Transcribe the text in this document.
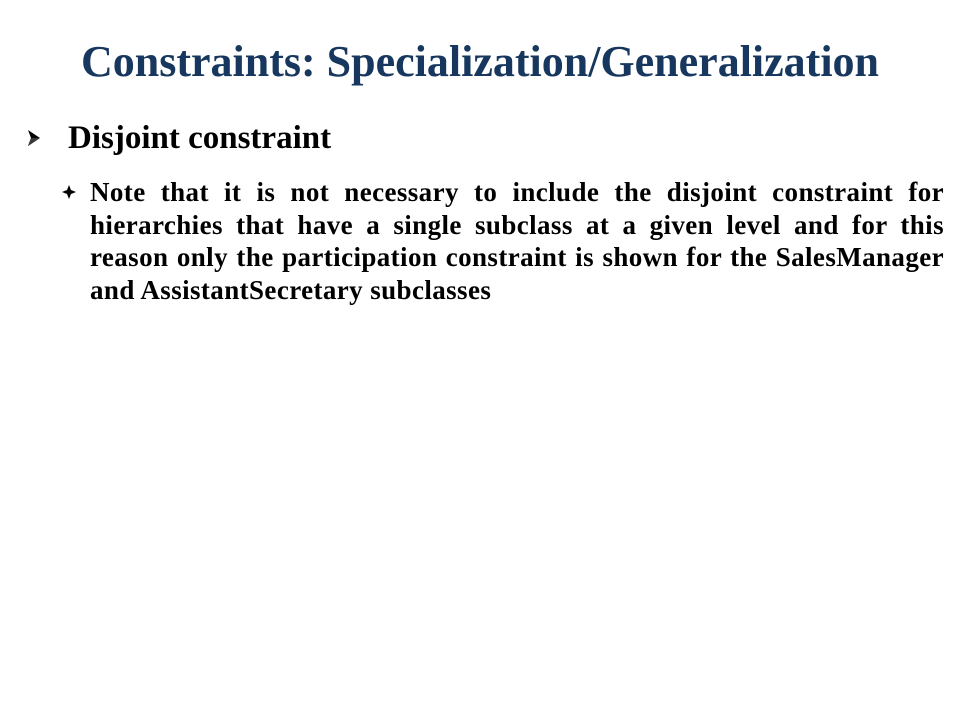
Constraints: Specialization/Generalization
Disjoint constraint
Note that it is not necessary to include the disjoint constraint for hierarchies that have a single subclass at a given level and for this reason only the participation constraint is shown for the SalesManager and AssistantSecretary subclasses
